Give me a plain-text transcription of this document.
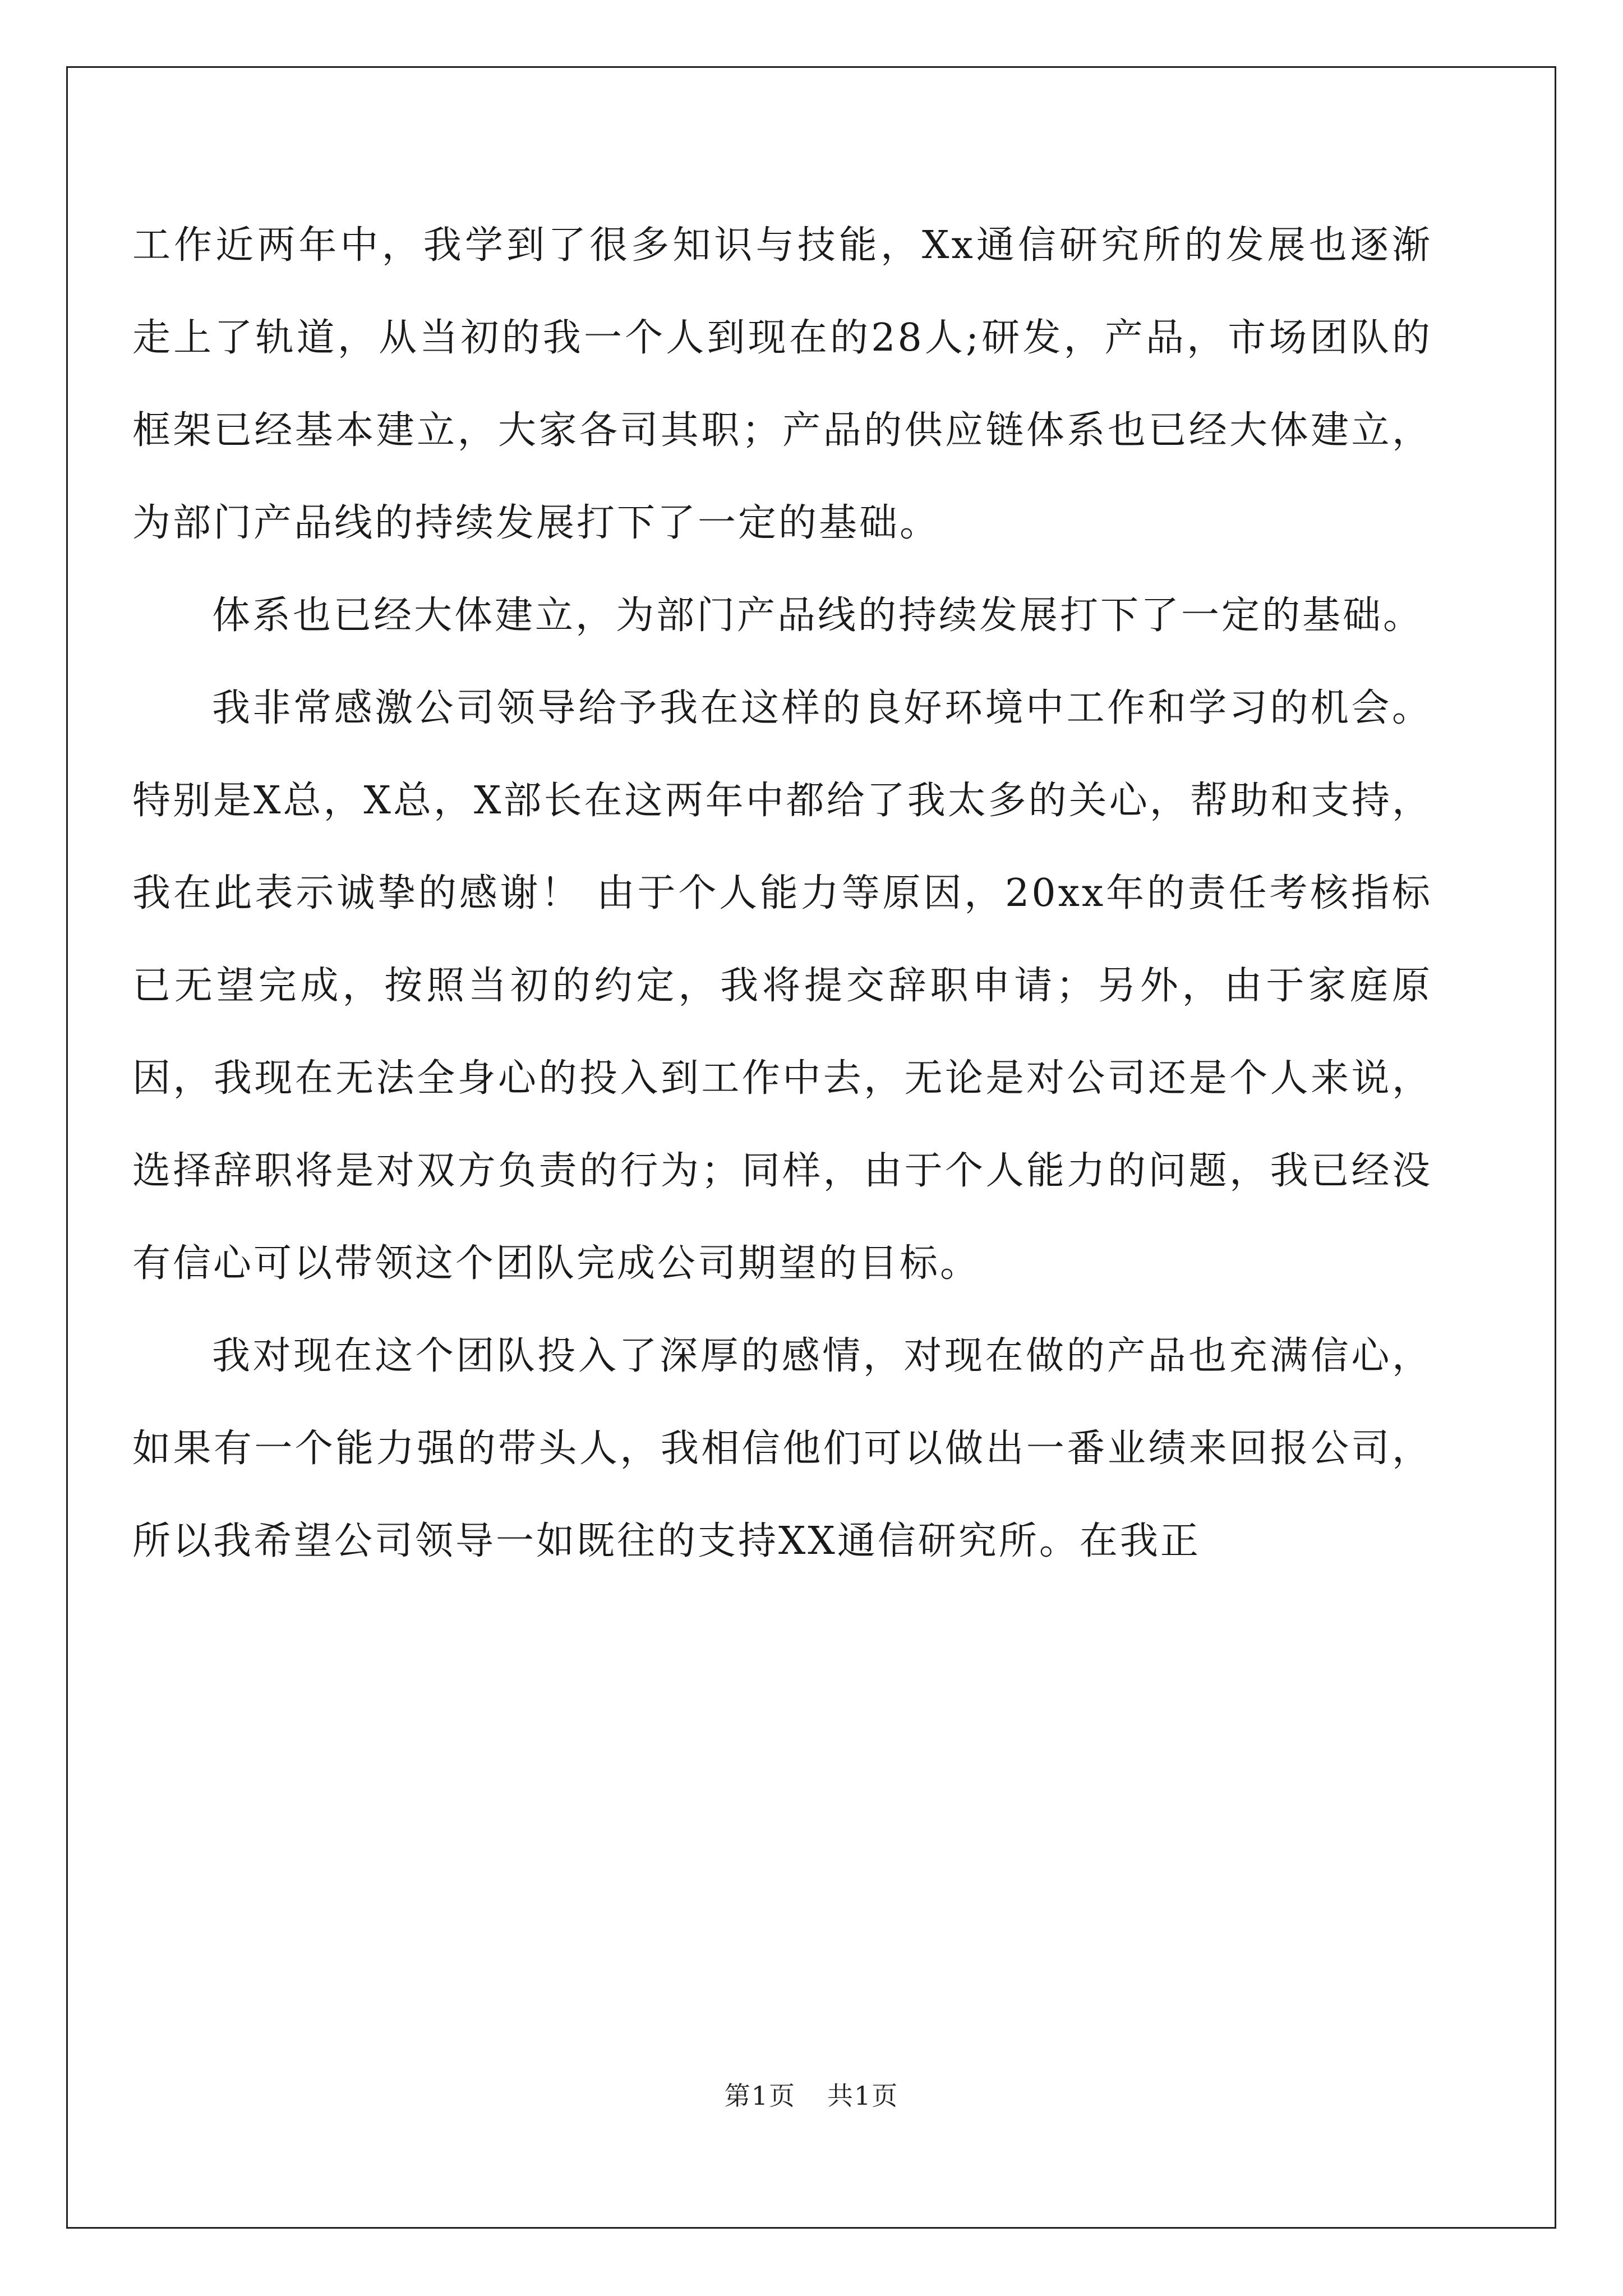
工作近两年中，我学到了很多知识与技能，Xx通信研究所的发展也逐渐走上了轨道，从当初的我一个人到现在的28人;研发，产品，市场团队的框架已经基本建立，大家各司其职；产品的供应链体系也已经大体建立，为部门产品线的持续发展打下了一定的基础。

体系也已经大体建立，为部门产品线的持续发展打下了一定的基础。

我非常感激公司领导给予我在这样的良好环境中工作和学习的机会。特别是X总，X总，X部长在这两年中都给了我太多的关心，帮助和支持，我在此表示诚挚的感谢！ 由于个人能力等原因，20xx年的责任考核指标已无望完成，按照当初的约定，我将提交辞职申请；另外，由于家庭原因，我现在无法全身心的投入到工作中去，无论是对公司还是个人来说，选择辞职将是对双方负责的行为；同样，由于个人能力的问题，我已经没有信心可以带领这个团队完成公司期望的目标。

我对现在这个团队投入了深厚的感情，对现在做的产品也充满信心，如果有一个能力强的带头人，我相信他们可以做出一番业绩来回报公司，所以我希望公司领导一如既往的支持XX通信研究所。在我正

第1页 共1页
